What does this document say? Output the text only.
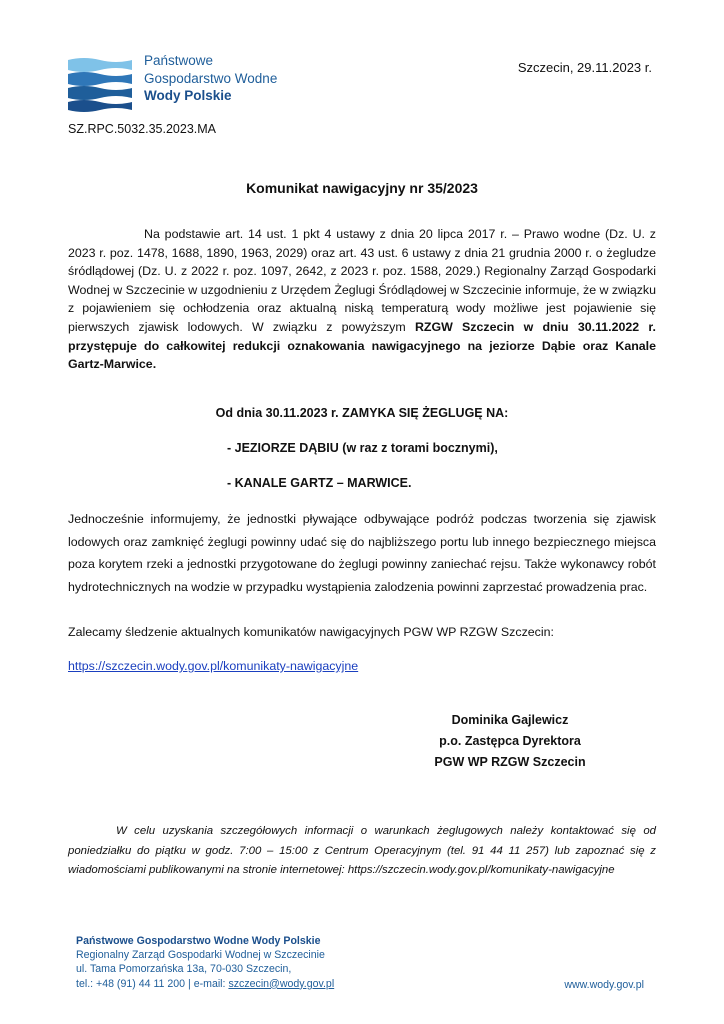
Państwowe
Gospodarstwo Wodne
Wody Polskie
Szczecin, 29.11.2023 r.
SZ.RPC.5032.35.2023.MA
Komunikat nawigacyjny nr 35/2023

Na podstawie art. 14 ust. 1 pkt 4 ustawy z dnia 20 lipca 2017 r. – Prawo wodne (Dz. U. z 2023 r. poz. 1478, 1688, 1890, 1963, 2029) oraz art. 43 ust. 6 ustawy z dnia 21 grudnia 2000 r. o żegludze śródlądowej (Dz. U. z 2022 r. poz. 1097, 2642, z 2023 r. poz. 1588, 2029.) Regionalny Zarząd Gospodarki Wodnej w Szczecinie w uzgodnieniu z Urzędem Żeglugi Śródlądowej w Szczecinie informuje, że w związku z pojawieniem się ochłodzenia oraz aktualną niską temperaturą wody możliwe jest pojawienie się pierwszych zjawisk lodowych. W związku z powyższym RZGW Szczecin w dniu 30.11.2022 r. przystępuje do całkowitej redukcji oznakowania nawigacyjnego na jeziorze Dąbie oraz Kanale Gartz-Marwice.

Od dnia 30.11.2023 r. ZAMYKA SIĘ ŻEGLUGĘ NA:
- JEZIORZE DĄBIU (w raz z torami bocznymi),
- KANALE GARTZ – MARWICE.

Jednocześnie informujemy, że jednostki pływające odbywające podróż podczas tworzenia się zjawisk lodowych oraz zamknięć żeglugi powinny udać się do najbliższego portu lub innego bezpiecznego miejsca poza korytem rzeki a jednostki przygotowane do żeglugi powinny zaniechać rejsu. Także wykonawcy robót hydrotechnicznych na wodzie w przypadku wystąpienia zalodzenia powinni zaprzestać prowadzenia prac.

Zalecamy śledzenie aktualnych komunikatów nawigacyjnych PGW WP RZGW Szczecin:
https://szczecin.wody.gov.pl/komunikaty-nawigacyjne
Dominika Gajlewicz
p.o. Zastępca Dyrektora
PGW WP RZGW Szczecin

W celu uzyskania szczegółowych informacji o warunkach żeglugowych należy kontaktować się od poniedziałku do piątku w godz. 7:00 – 15:00 z Centrum Operacyjnym (tel. 91 44 11 257) lub zapoznać się z wiadomościami publikowanymi na stronie internetowej: https://szczecin.wody.gov.pl/komunikaty-nawigacyjne

Państwowe Gospodarstwo Wodne Wody Polskie
Regionalny Zarząd Gospodarki Wodnej w Szczecinie
ul. Tama Pomorzańska 13a, 70-030 Szczecin,
tel.: +48 (91) 44 11 200 | e-mail: szczecin@wody.gov.pl	www.wody.gov.pl
